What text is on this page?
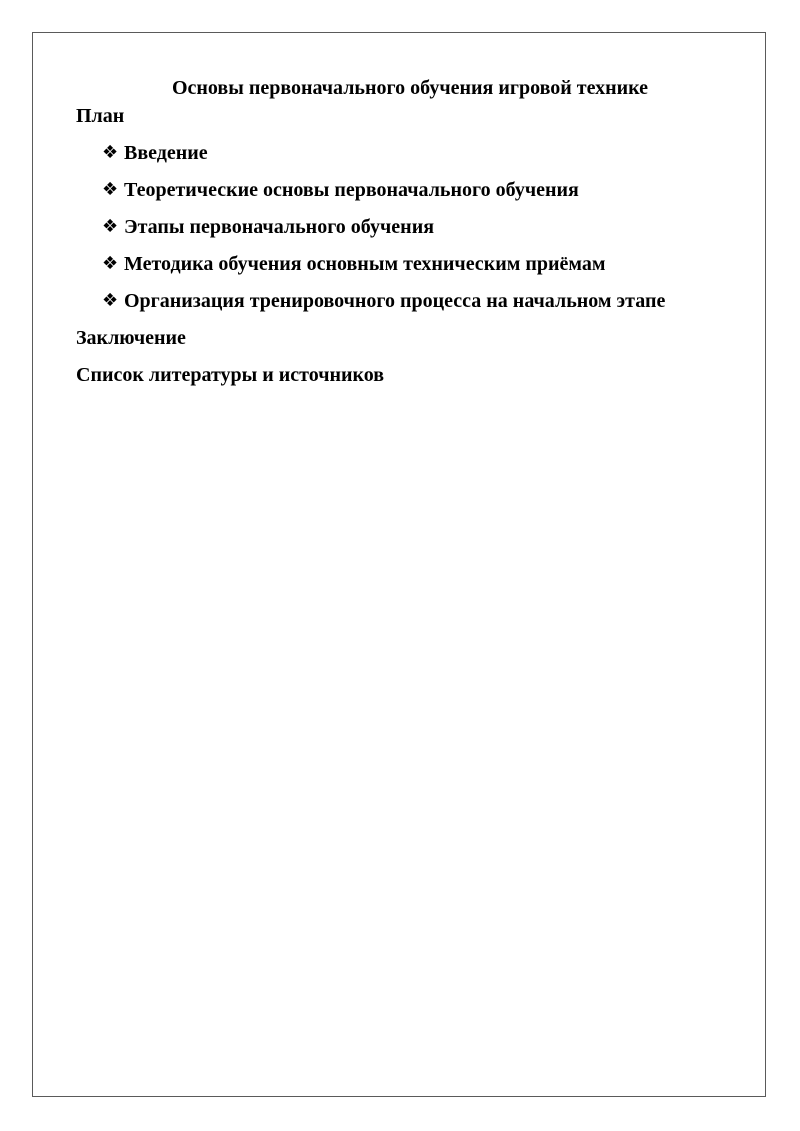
Основы первоначального обучения игровой технике

План

❖ Введение
❖ Теоретические основы первоначального обучения
❖ Этапы первоначального обучения
❖ Методика обучения основным техническим приёмам
❖ Организация тренировочного процесса на начальном этапе

Заключение

Список литературы и источников
